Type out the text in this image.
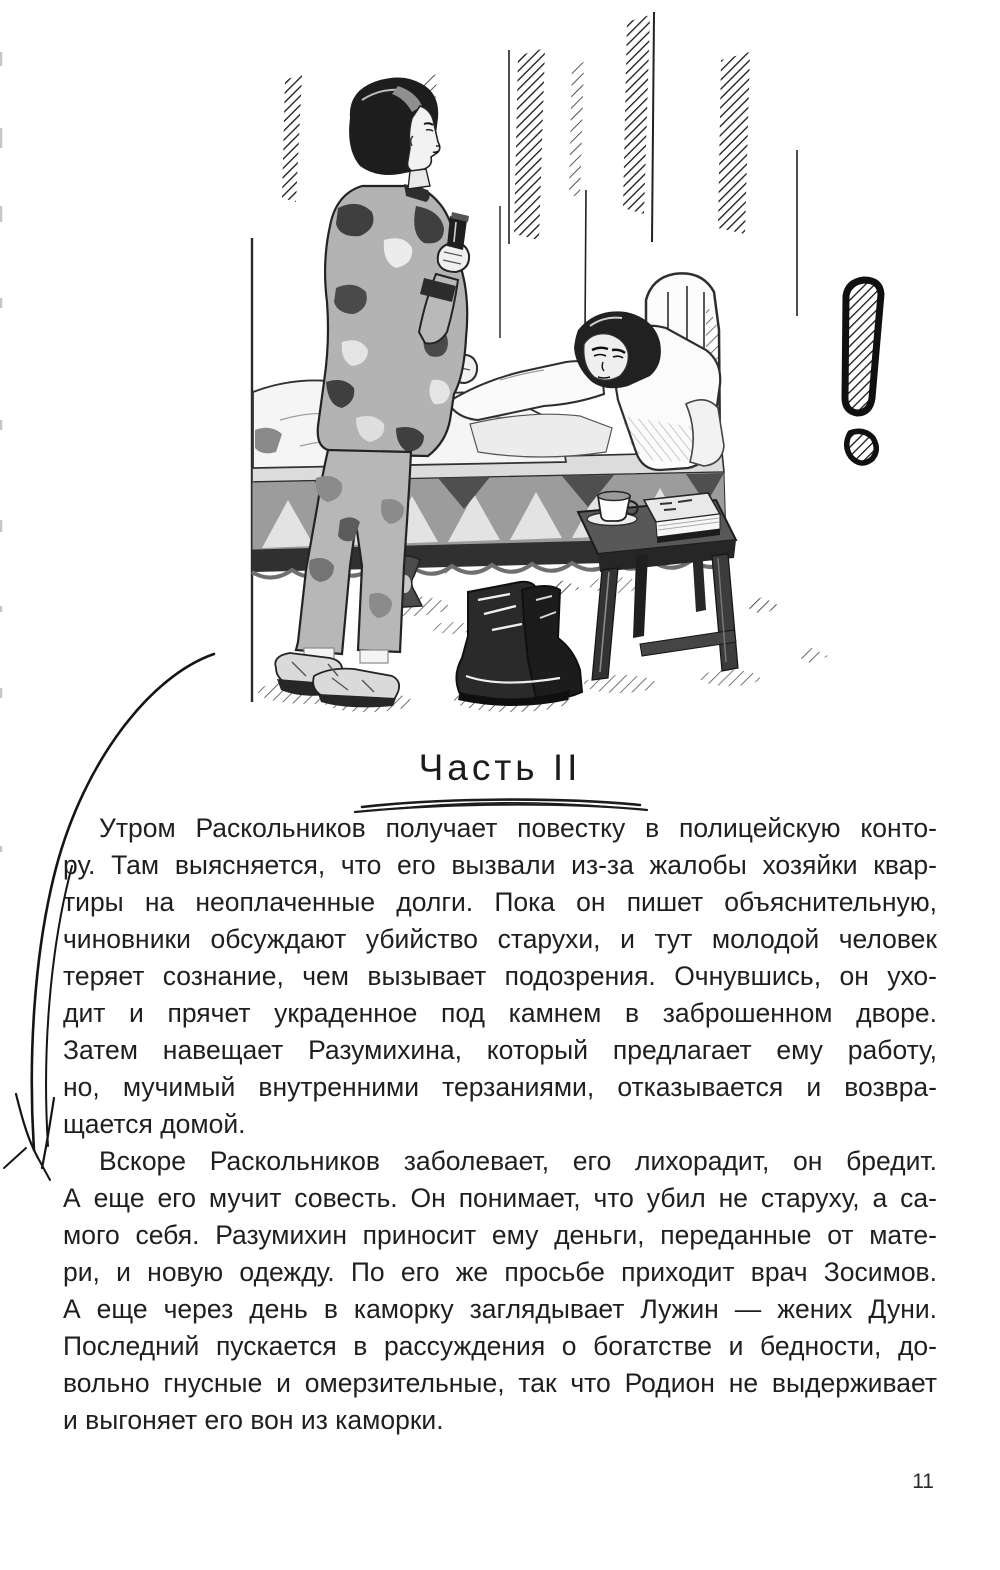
Часть II

Утром Раскольников получает повестку в полицейскую конто-

ру. Там выясняется, что его вызвали из-за жалобы хозяйки квар-

тиры на неоплаченные долги. Пока он пишет объяснительную,

чиновники обсуждают убийство старухи, и тут молодой человек

теряет сознание, чем вызывает подозрения. Очнувшись, он ухо-

дит и прячет украденное под камнем в заброшенном дворе.

Затем навещает Разумихина, который предлагает ему работу,

но, мучимый внутренними терзаниями, отказывается и возвра-

щается домой.

Вскоре Раскольников заболевает, его лихорадит, он бредит.

А еще его мучит совесть. Он понимает, что убил не старуху, а са-

мого себя. Разумихин приносит ему деньги, переданные от мате-

ри, и новую одежду. По его же просьбе приходит врач Зосимов.

А еще через день в каморку заглядывает Лужин — жених Дуни.

Последний пускается в рассуждения о богатстве и бедности, до-

вольно гнусные и омерзительные, так что Родион не выдерживает

и выгоняет его вон из каморки.

11
